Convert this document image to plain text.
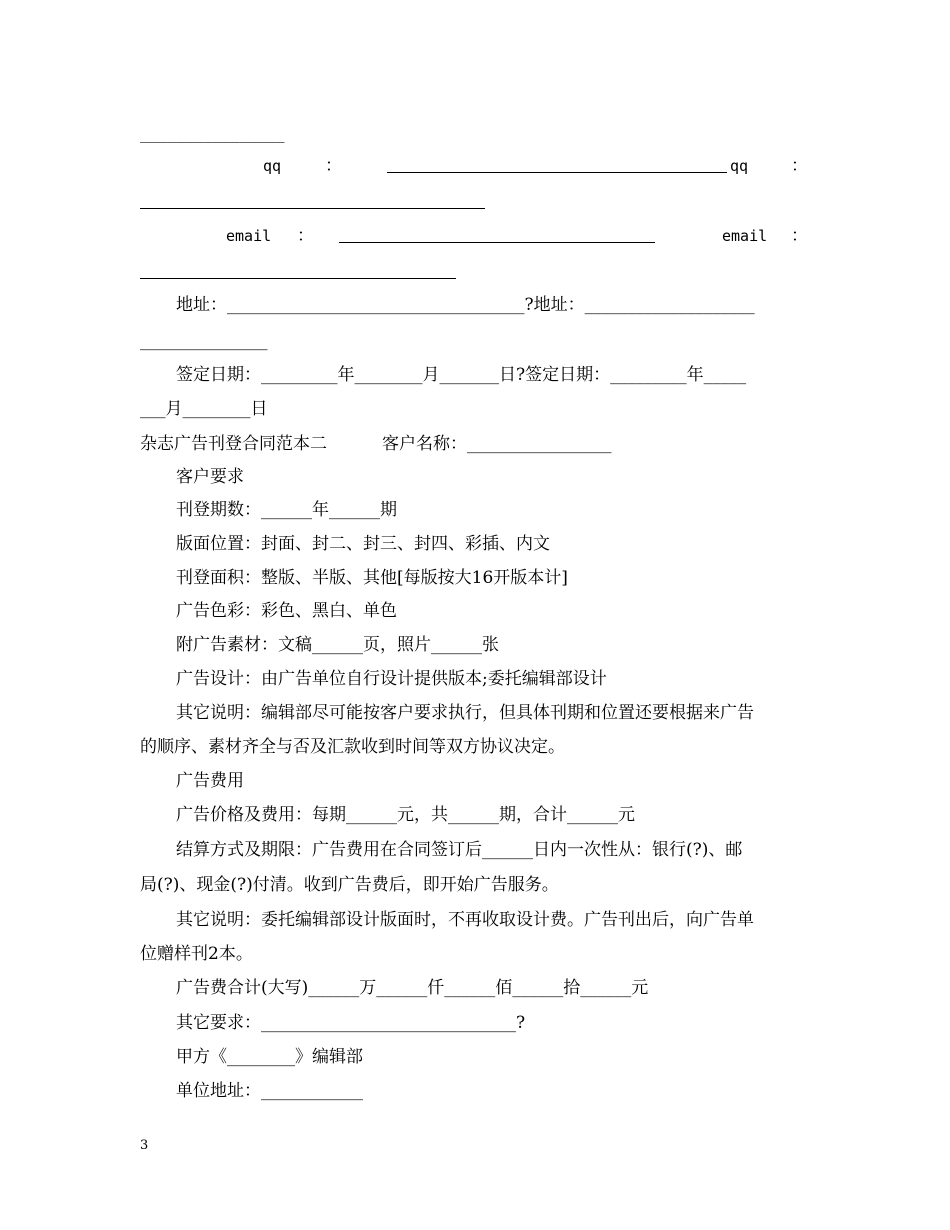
________________
qq	：	qq	：
email ：	email ：
地址：___________________________________?地址：____________________
_______________
签定日期：_________年________月_______日?签定日期：_________年_____
___月________日
杂志广告刊登合同范本二	客户名称：_________________
客户要求
刊登期数：______年______期
版面位置：封面、封二、封三、封四、彩插、内文
刊登面积：整版、半版、其他[每版按大16开版本计]
广告色彩：彩色、黑白、单色
附广告素材：文稿______页，照片______张
广告设计：由广告单位自行设计提供版本;委托编辑部设计
其它说明：编辑部尽可能按客户要求执行，但具体刊期和位置还要根据来广告
的顺序、素材齐全与否及汇款收到时间等双方协议决定。
广告费用
广告价格及费用：每期______元，共______期，合计______元
结算方式及期限：广告费用在合同签订后______日内一次性从：银行(?)、邮
局(?)、现金(?)付清。收到广告费后，即开始广告服务。
其它说明：委托编辑部设计版面时，不再收取设计费。广告刊出后，向广告单
位赠样刊2本。
广告费合计(大写)______万______仟______佰______拾______元
其它要求：______________________________?
甲方《________》编辑部
单位地址：____________
3
